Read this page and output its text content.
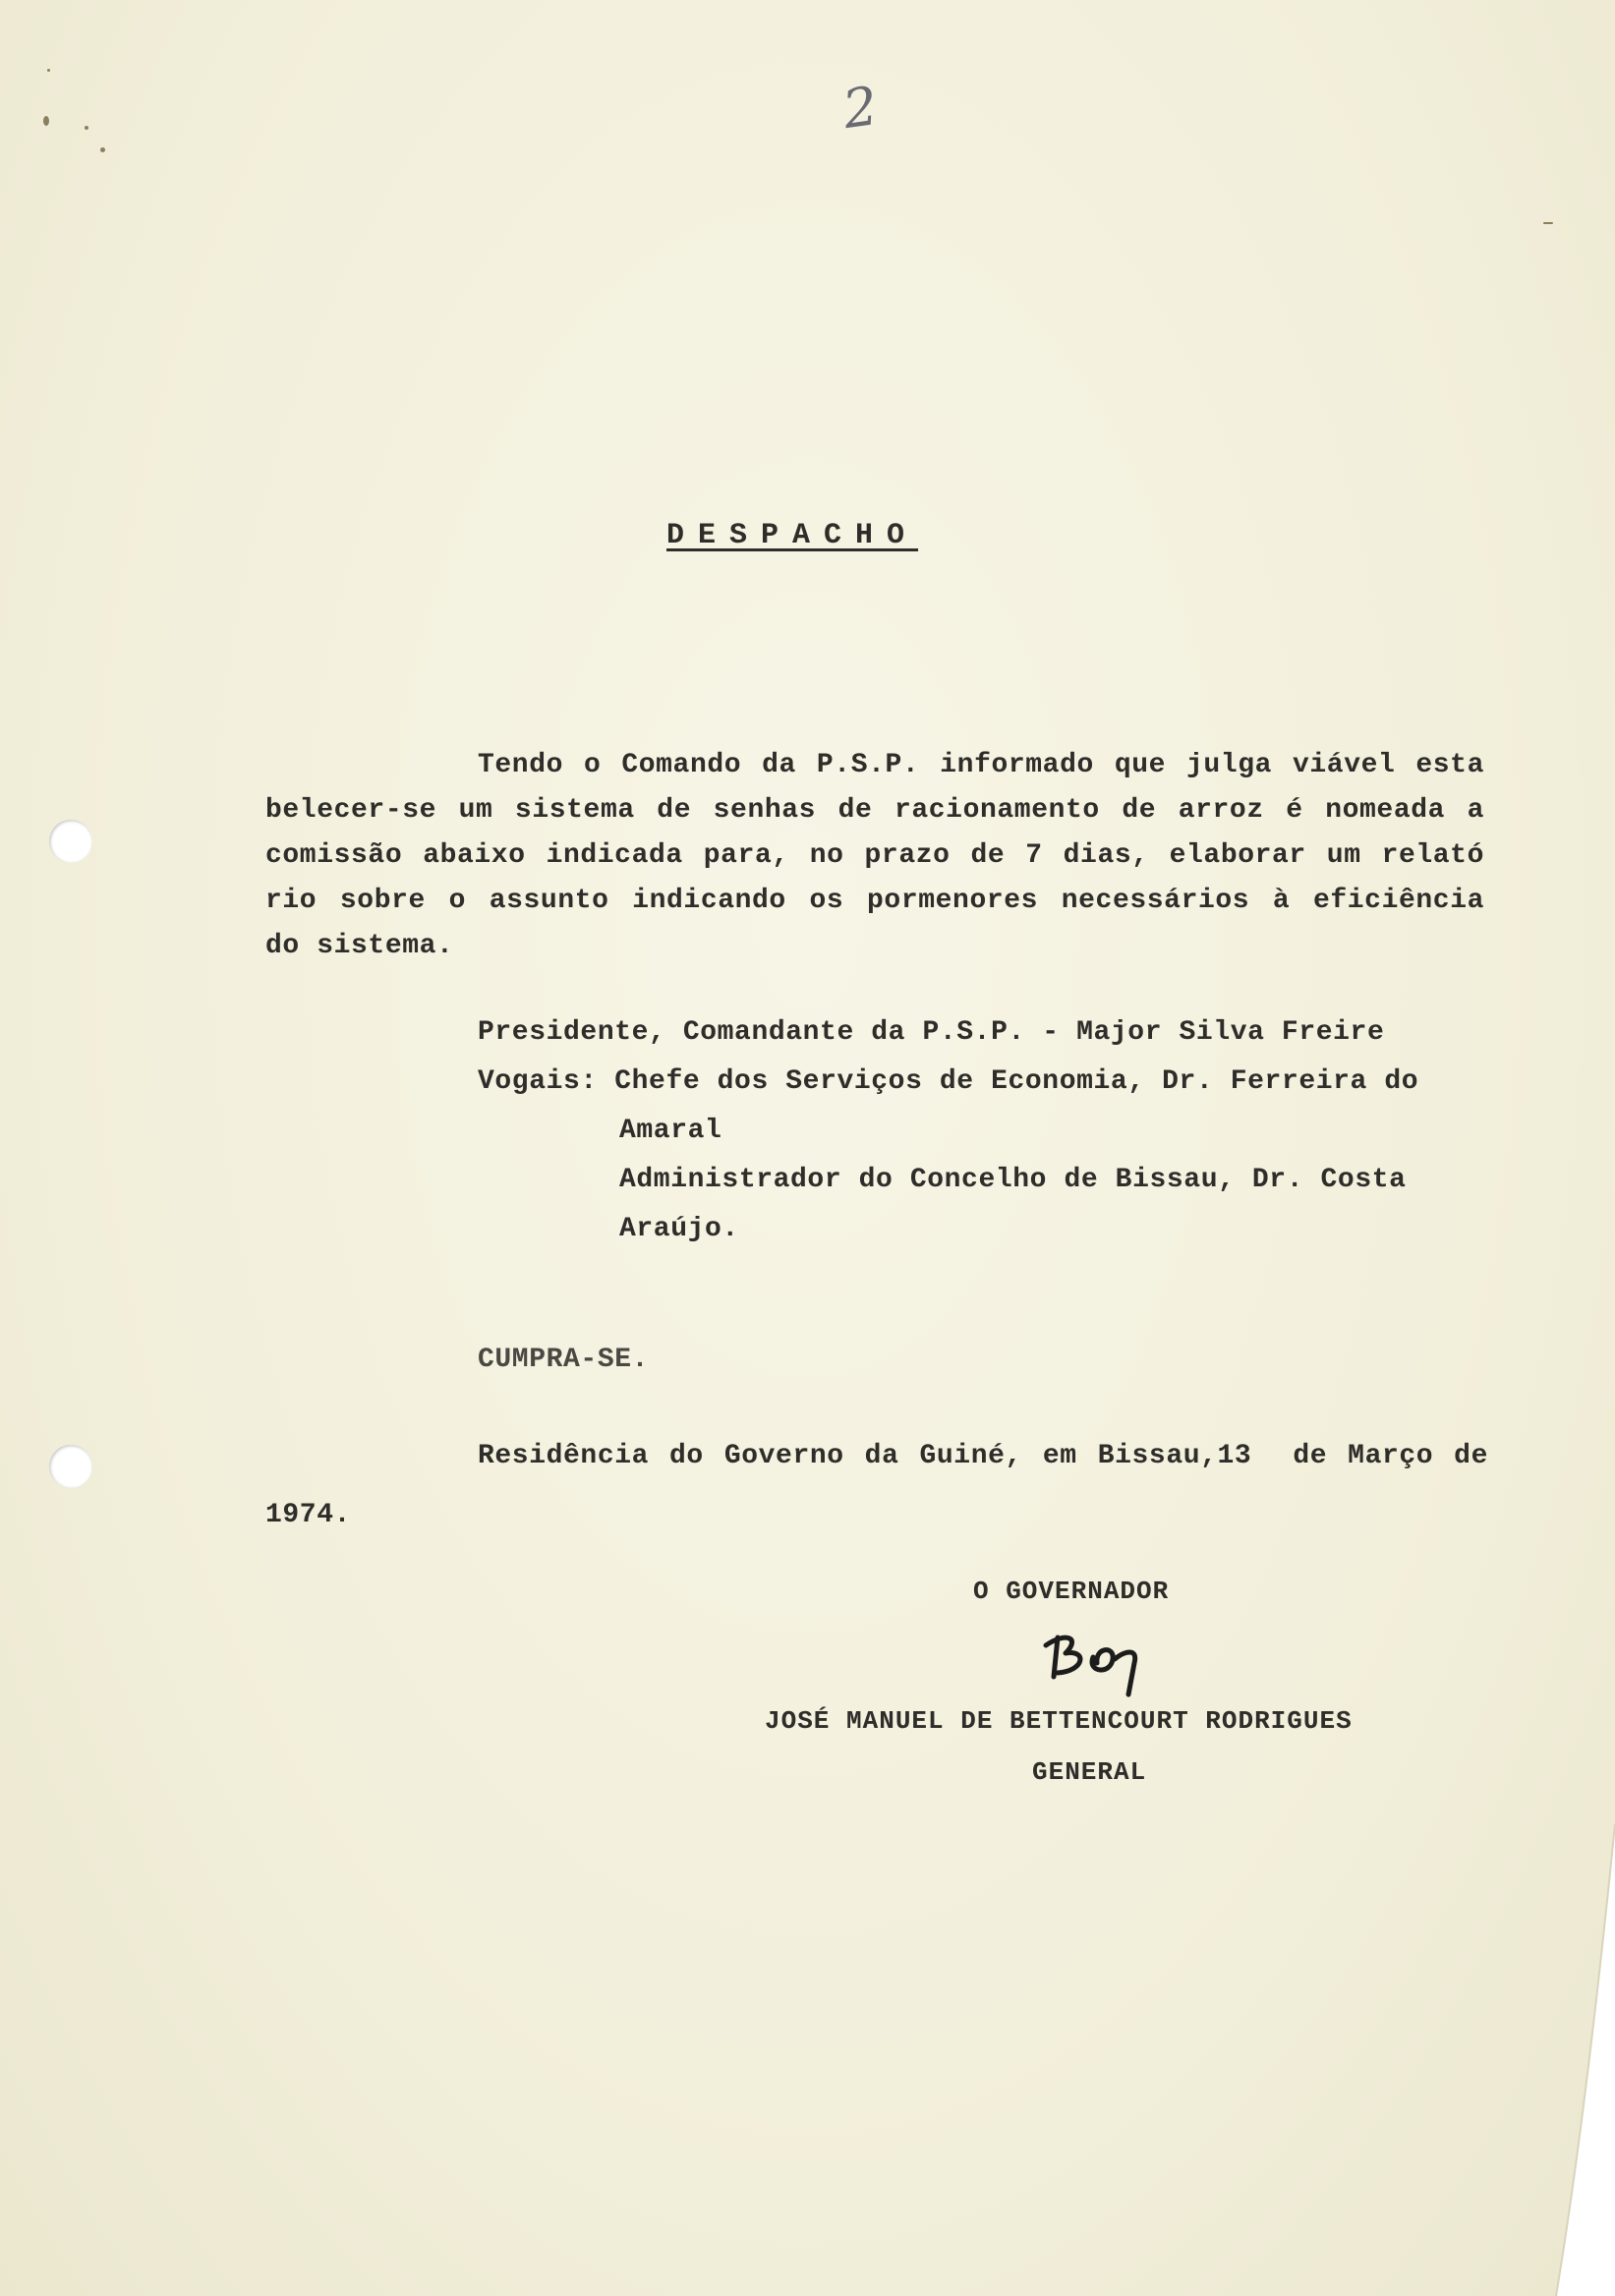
2
DESPACHO
Tendo o Comando da P.S.P. informado que julga viável esta
belecer-se um sistema de senhas de racionamento de arroz é nomeada a
comissão abaixo indicada para, no prazo de 7 dias, elaborar um relató
rio sobre o assunto indicando os pormenores necessários à eficiência
do sistema.
Presidente, Comandante da P.S.P. - Major Silva Freire
Vogais: Chefe dos Serviços de Economia, Dr. Ferreira do
Amaral
Administrador do Concelho de Bissau, Dr. Costa
Araújo.
CUMPRA-SE.
Residência do Governo da Guiné, em Bissau,13  de Março de
1974.
O GOVERNADOR
JOSÉ MANUEL DE BETTENCOURT RODRIGUES
GENERAL
